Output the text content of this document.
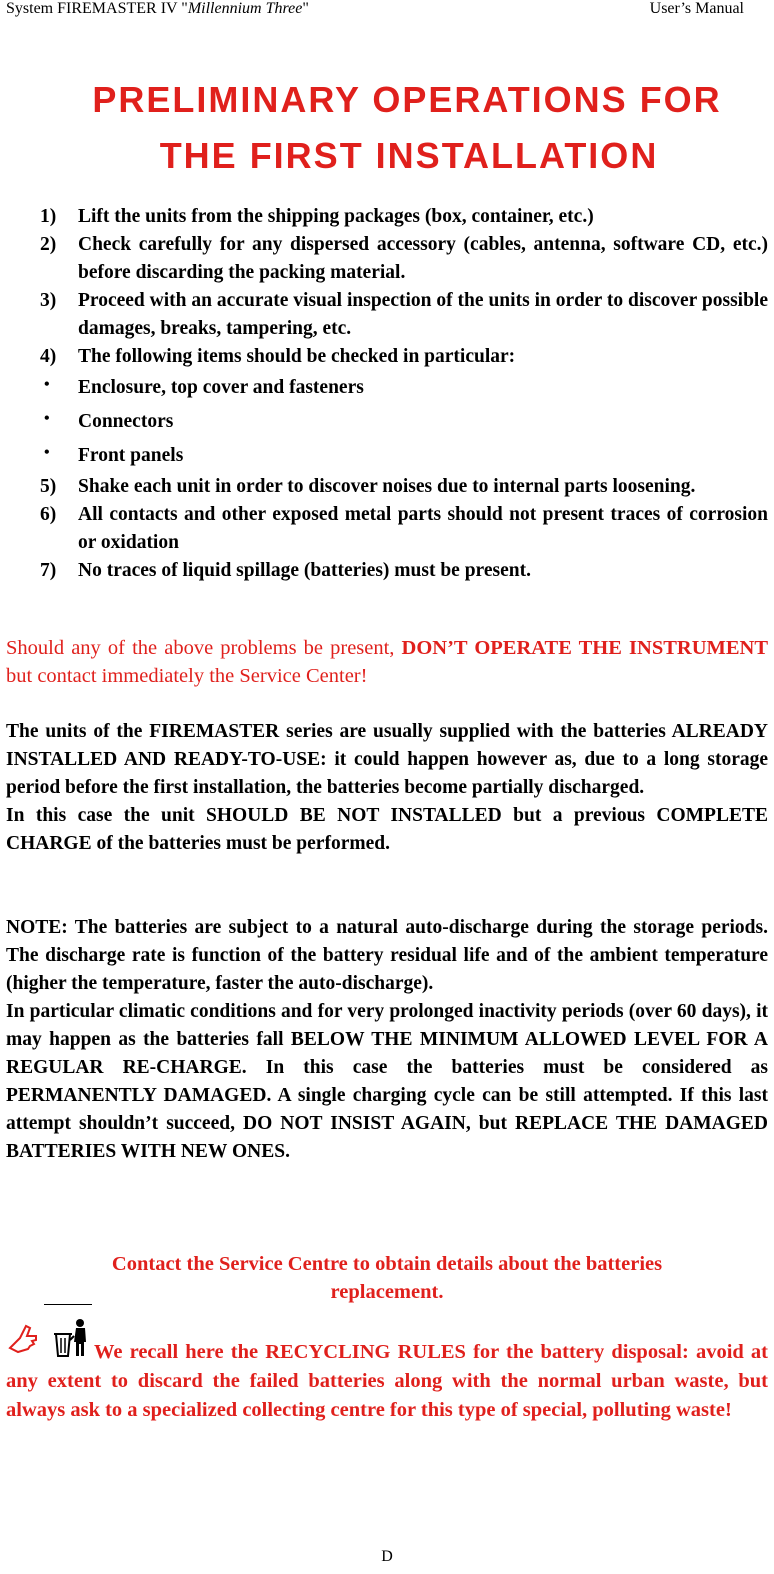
System FIREMASTER IV "Millennium Three"	User’s Manual
PRELIMINARY OPERATIONS FOR
THE FIRST INSTALLATION
1) Lift the units from the shipping packages (box, container, etc.)
2) Check carefully for any dispersed accessory (cables, antenna, software CD, etc.) before discarding the packing material.
3) Proceed with an accurate visual inspection of the units in order to discover possible damages, breaks, tampering, etc.
4) The following items should be checked in particular:
• Enclosure, top cover and fasteners
• Connectors
• Front panels
5) Shake each unit in order to discover noises due to internal parts loosening.
6) All contacts and other exposed metal parts should not present traces of corrosion or oxidation
7) No traces of liquid spillage (batteries) must be present.

Should any of the above problems be present, DON’T OPERATE THE INSTRUMENT but contact immediately the Service Center!

The units of the FIREMASTER series are usually supplied with the batteries ALREADY INSTALLED AND READY-TO-USE: it could happen however as, due to a long storage period before the first installation, the batteries become partially discharged.

In this case the unit SHOULD BE NOT INSTALLED but a previous COMPLETE CHARGE of the batteries must be performed.

NOTE: The batteries are subject to a natural auto-discharge during the storage periods. The discharge rate is function of the battery residual life and of the ambient temperature (higher the temperature, faster the auto-discharge).

In particular climatic conditions and for very prolonged inactivity periods (over 60 days), it may happen as the batteries fall BELOW THE MINIMUM ALLOWED LEVEL FOR A REGULAR RE-CHARGE. In this case the batteries must be considered as PERMANENTLY DAMAGED. A single charging cycle can be still attempted. If this last attempt shouldn’t succeed, DO NOT INSIST AGAIN, but REPLACE THE DAMAGED BATTERIES WITH NEW ONES.

Contact the Service Centre to obtain details about the batteries replacement.
We recall here the RECYCLING RULES for the battery disposal: avoid at any extent to discard the failed batteries along with the normal urban waste, but always ask to a specialized collecting centre for this type of special, polluting waste!
D
